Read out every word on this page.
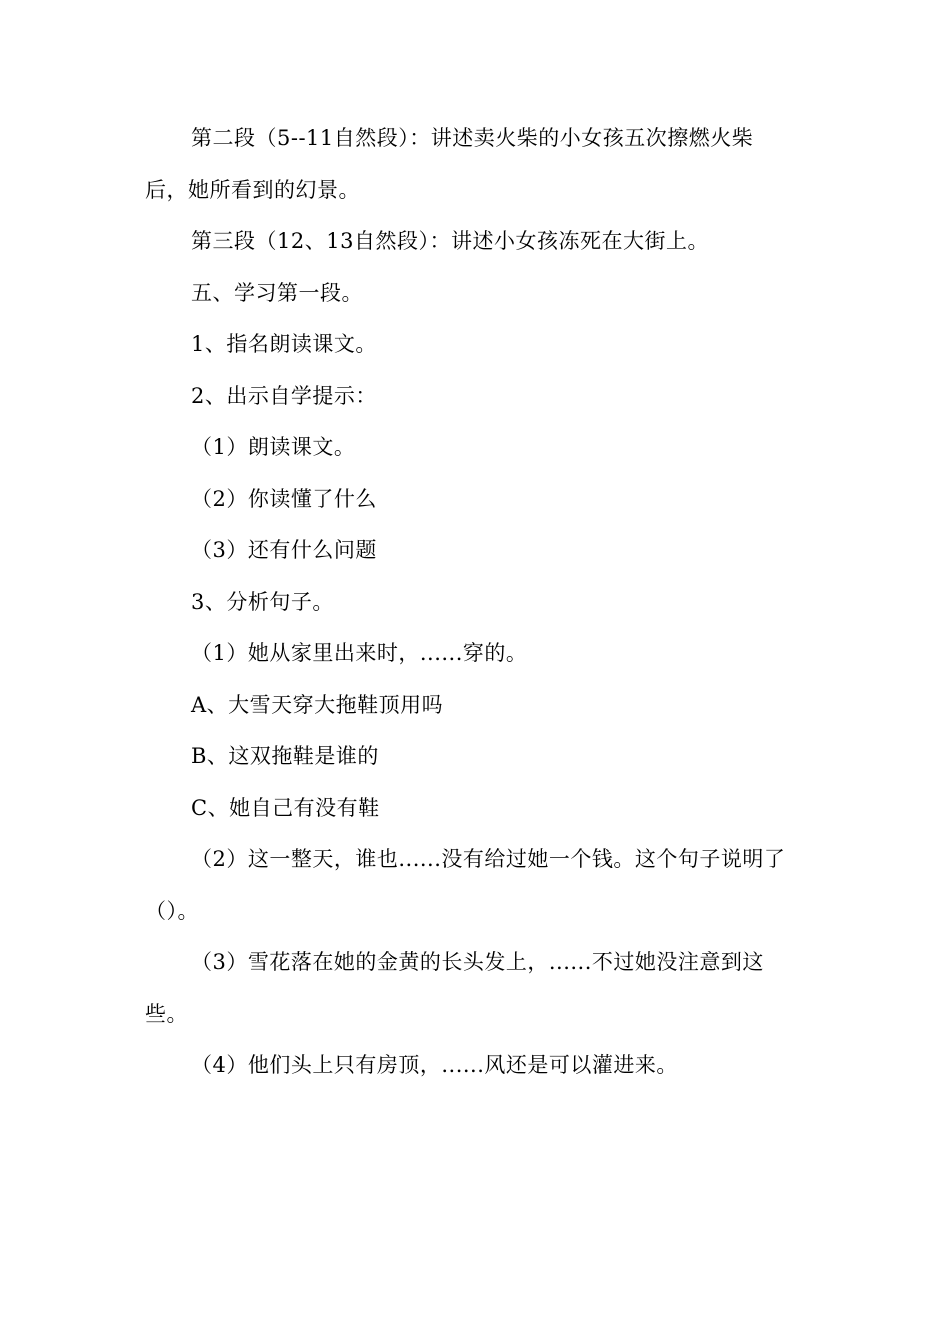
第二段（5--11自然段）：讲述卖火柴的小女孩五次擦燃火柴后，她所看到的幻景。

第三段（12、13自然段）：讲述小女孩冻死在大街上。

五、学习第一段。

1、指名朗读课文。

2、出示自学提示：

（1）朗读课文。

（2）你读懂了什么

（3）还有什么问题

3、分析句子。

（1）她从家里出来时，......穿的。

A、大雪天穿大拖鞋顶用吗

B、这双拖鞋是谁的

C、她自己有没有鞋

（2）这一整天，谁也......没有给过她一个钱。这个句子说明了（）。

（3）雪花落在她的金黄的长头发上，......不过她没注意到这些。

（4）他们头上只有房顶，......风还是可以灌进来。
